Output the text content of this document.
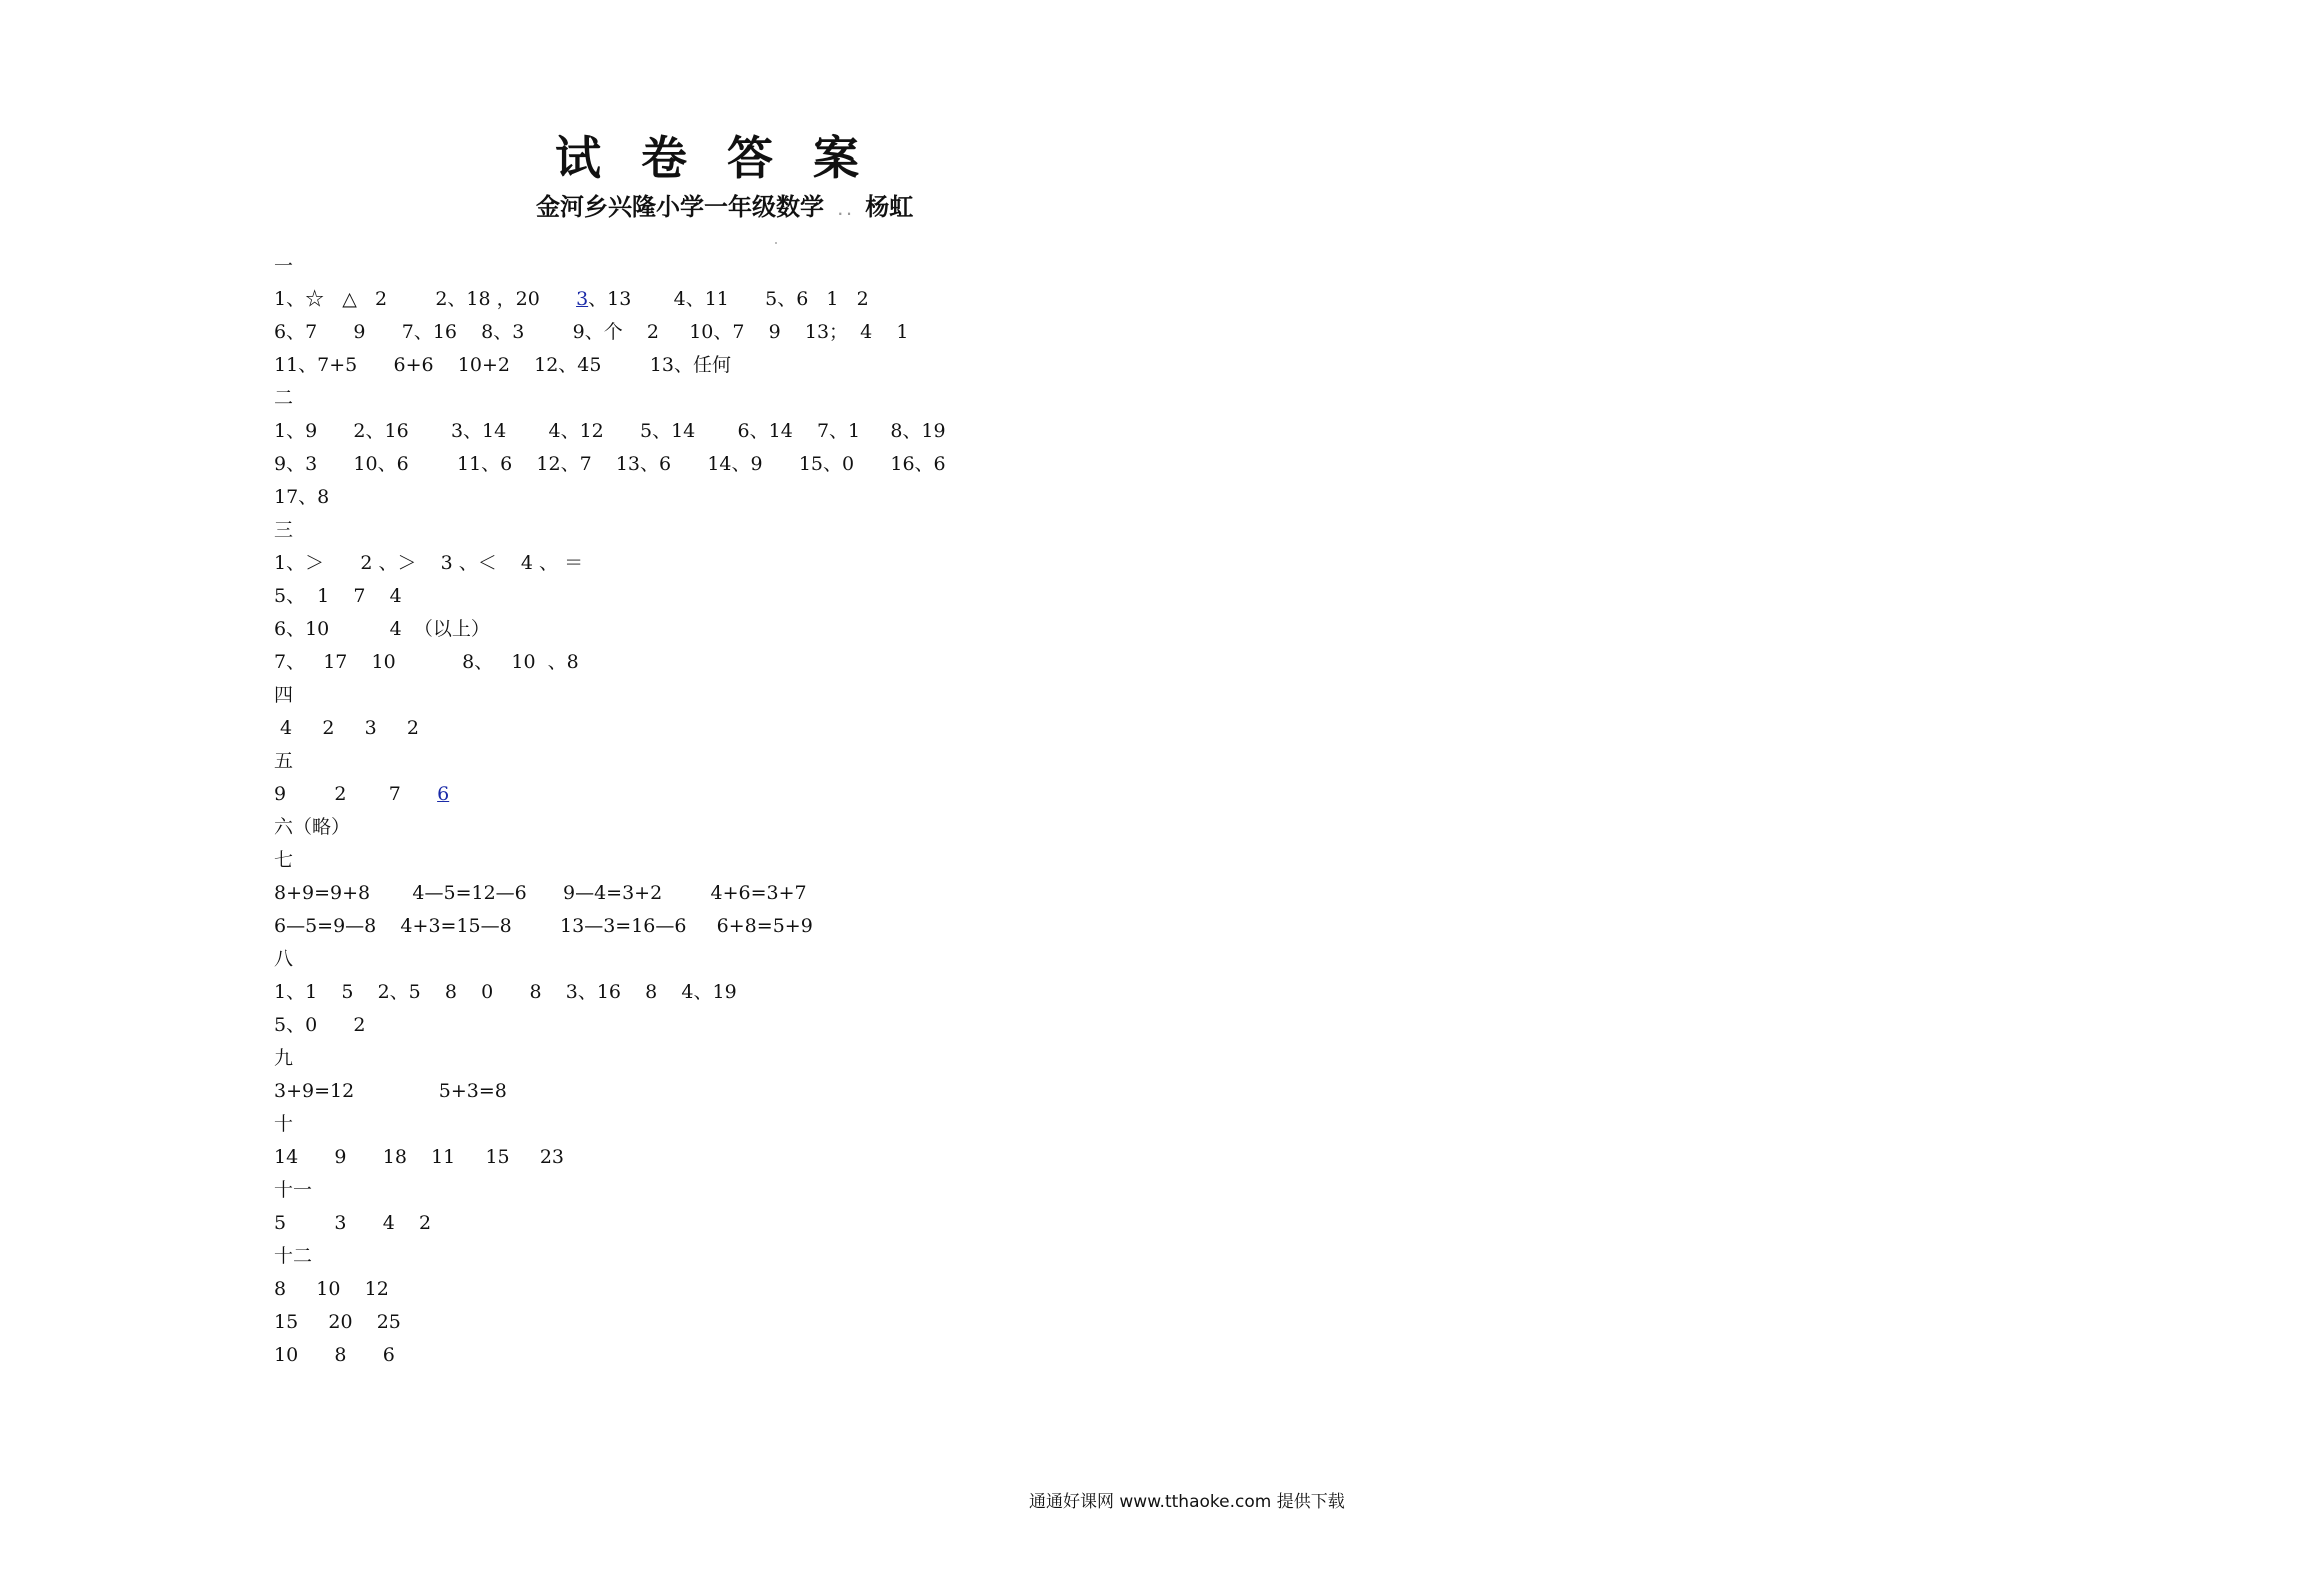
试卷答案
金河乡兴隆小学一年级数学 . . 杨虹
一
1、☆   △   2        2、18 ，20      3、13       4、11      5、6   1   2
6、7      9      7、16    8、3        9、个    2     10、7    9    13；  4    1
11、7+5      6+6    10+2    12、45        13、任何
二
1、9      2、16       3、14       4、12      5、14       6、14    7、1     8、19
9、3      10、6        11、6    12、7    13、6      14、9      15、0      16、6
17、8
三
1、＞      2 、＞    3 、＜    4 、 ＝
5、  1    7    4
6、10          4  （以上）
7、   17    10           8、   10  、8
四
4     2     3     2
五
9        2       7      6
六（略）
七
8+9=9+8       4—5=12—6      9—4=3+2        4+6=3+7
6—5=9—8    4+3=15—8        13—3=16—6     6+8=5+9
八
1、1    5    2、5    8    0      8    3、16    8    4、19
5、0      2
九
3+9=12              5+3=8
十
14      9      18    11     15     23
十一
5        3      4    2
十二
8     10    12
15     20    25
10      8      6
通通好课网 www.tthaoke.com 提供下载
